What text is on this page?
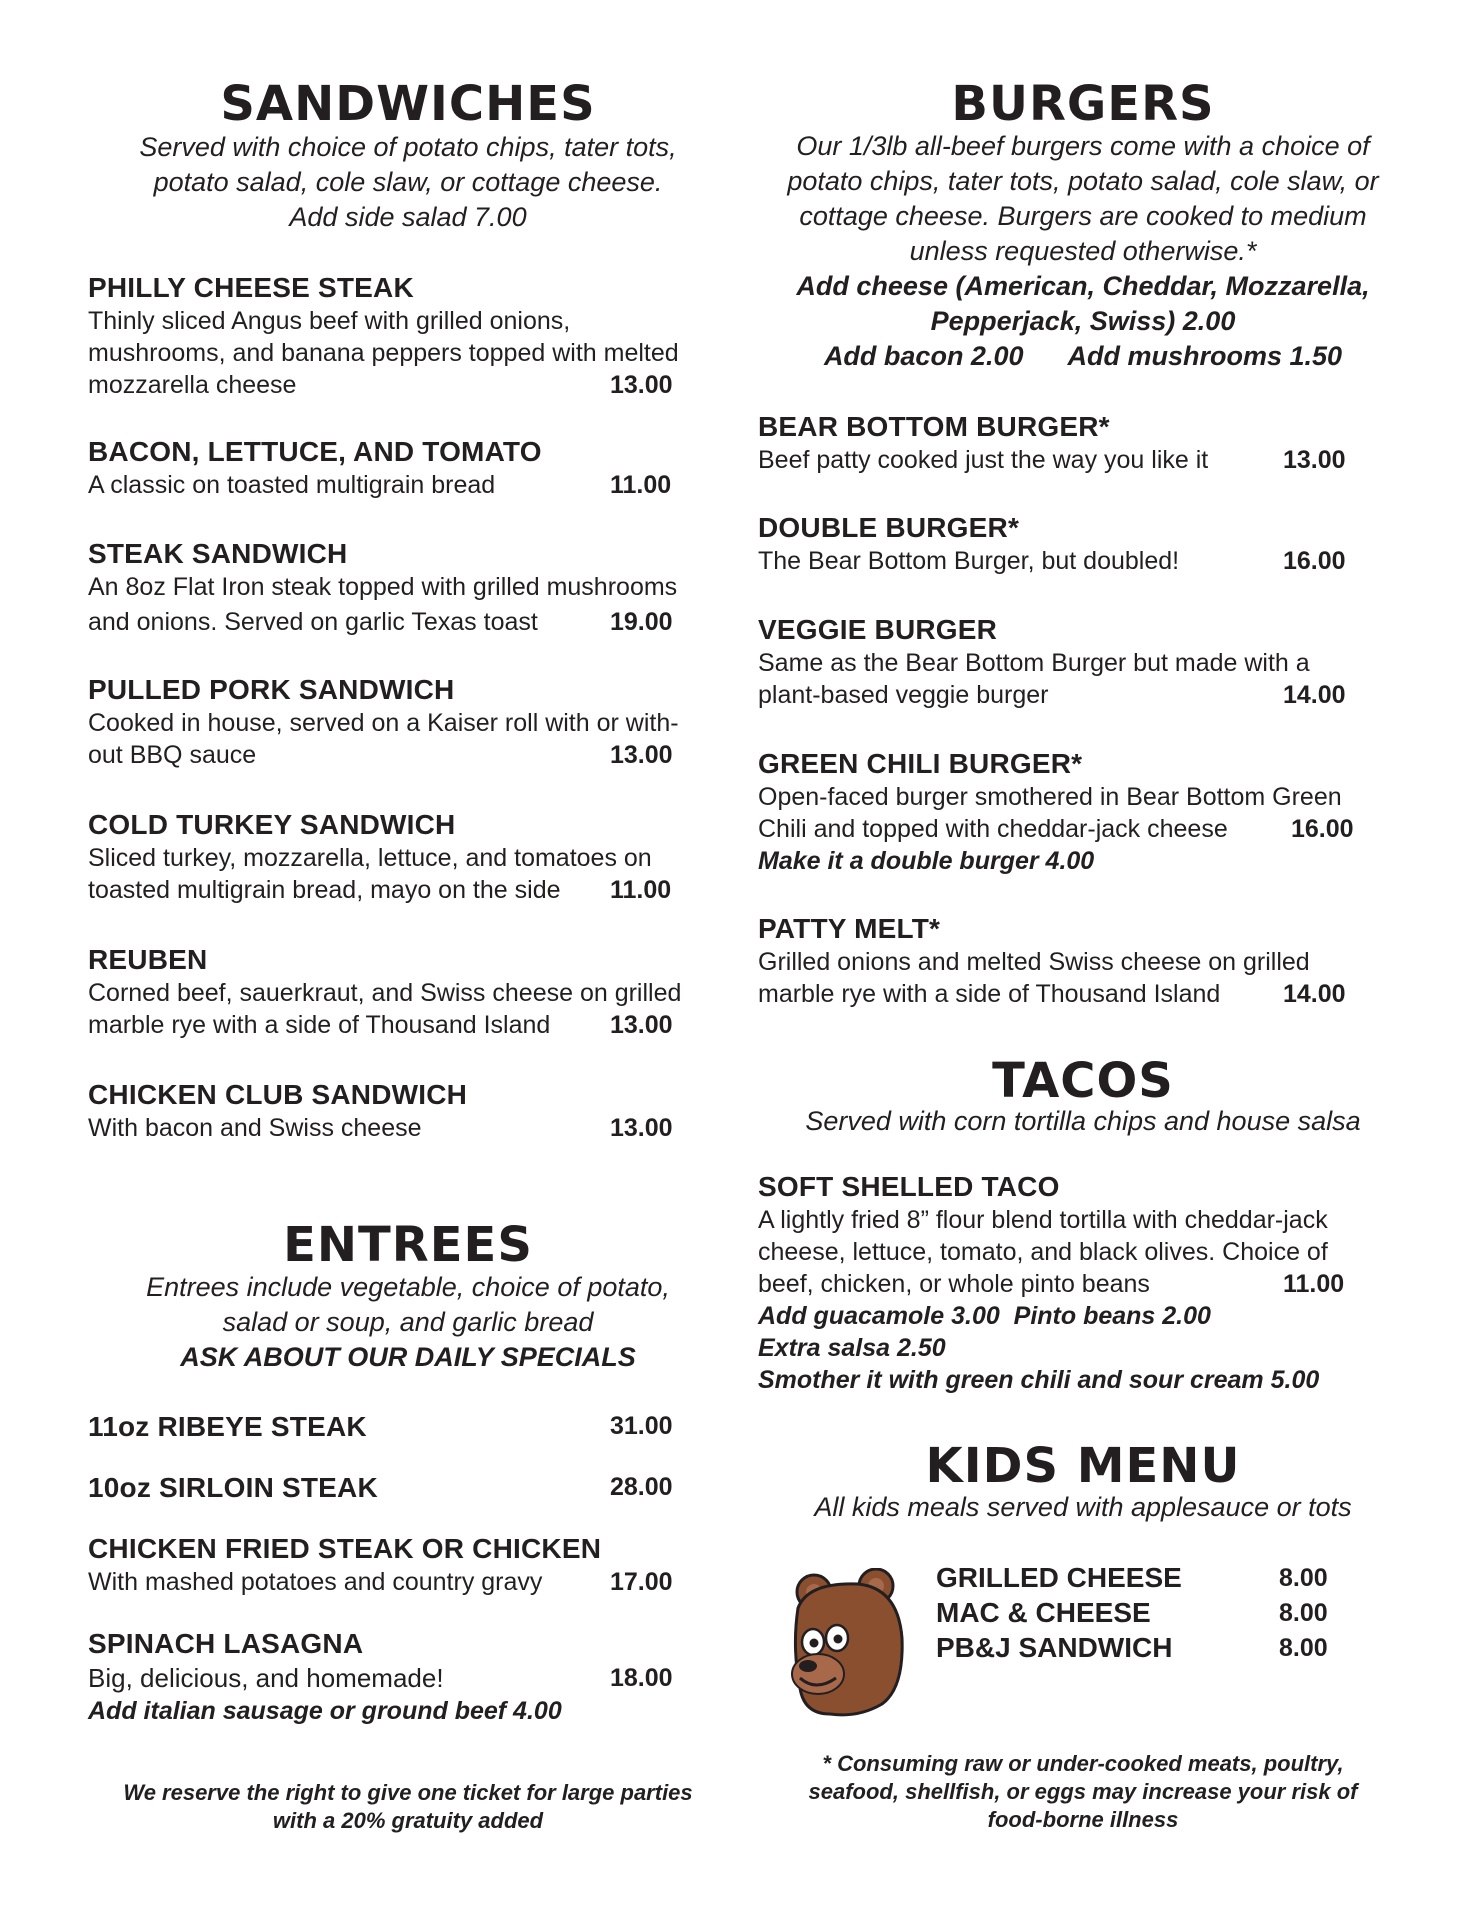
SANDWICHES
Served with choice of potato chips, tater tots,
potato salad, cole slaw, or cottage cheese.
Add side salad 7.00
PHILLY CHEESE STEAK
Thinly sliced Angus beef with grilled onions,
mushrooms, and banana peppers topped with melted
mozzarella cheese	13.00
BACON, LETTUCE, AND TOMATO
A classic on toasted multigrain bread	11.00
STEAK SANDWICH
An 8oz Flat Iron steak topped with grilled mushrooms
and onions. Served on garlic Texas toast	19.00
PULLED PORK SANDWICH
Cooked in house, served on a Kaiser roll with or with-
out BBQ sauce	13.00
COLD TURKEY SANDWICH
Sliced turkey, mozzarella, lettuce, and tomatoes on
toasted multigrain bread, mayo on the side	11.00
REUBEN
Corned beef, sauerkraut, and Swiss cheese on grilled
marble rye with a side of Thousand Island	13.00
CHICKEN CLUB SANDWICH
With bacon and Swiss cheese	13.00
ENTREES
Entrees include vegetable, choice of potato,
salad or soup, and garlic bread
ASK ABOUT OUR DAILY SPECIALS
11oz RIBEYE STEAK	31.00
10oz SIRLOIN STEAK	28.00
CHICKEN FRIED STEAK OR CHICKEN
With mashed potatoes and country gravy	17.00
SPINACH LASAGNA
Big, delicious, and homemade!	18.00
Add italian sausage or ground beef 4.00
We reserve the right to give one ticket for large parties
with a 20% gratuity added
BURGERS
Our 1/3lb all-beef burgers come with a choice of
potato chips, tater tots, potato salad, cole slaw, or
cottage cheese. Burgers are cooked to medium
unless requested otherwise.*
Add cheese (American, Cheddar, Mozzarella,
Pepperjack, Swiss) 2.00
Add bacon 2.00      Add mushrooms 1.50
BEAR BOTTOM BURGER*
Beef patty cooked just the way you like it	13.00
DOUBLE BURGER*
The Bear Bottom Burger, but doubled!	16.00
VEGGIE BURGER
Same as the Bear Bottom Burger but made with a
plant-based veggie burger	14.00
GREEN CHILI BURGER*
Open-faced burger smothered in Bear Bottom Green
Chili and topped with cheddar-jack cheese	16.00
Make it a double burger 4.00
PATTY MELT*
Grilled onions and melted Swiss cheese on grilled
marble rye with a side of Thousand Island	14.00
TACOS
Served with corn tortilla chips and house salsa
SOFT SHELLED TACO
A lightly fried 8” flour blend tortilla with cheddar-jack
cheese, lettuce, tomato, and black olives. Choice of
beef, chicken, or whole pinto beans	11.00
Add guacamole 3.00  Pinto beans 2.00
Extra salsa 2.50
Smother it with green chili and sour cream 5.00
KIDS MENU
All kids meals served with applesauce or tots
GRILLED CHEESE	8.00
MAC & CHEESE	8.00
PB&J SANDWICH	8.00
* Consuming raw or under-cooked meats, poultry,
seafood, shellfish, or eggs may increase your risk of
food-borne illness
